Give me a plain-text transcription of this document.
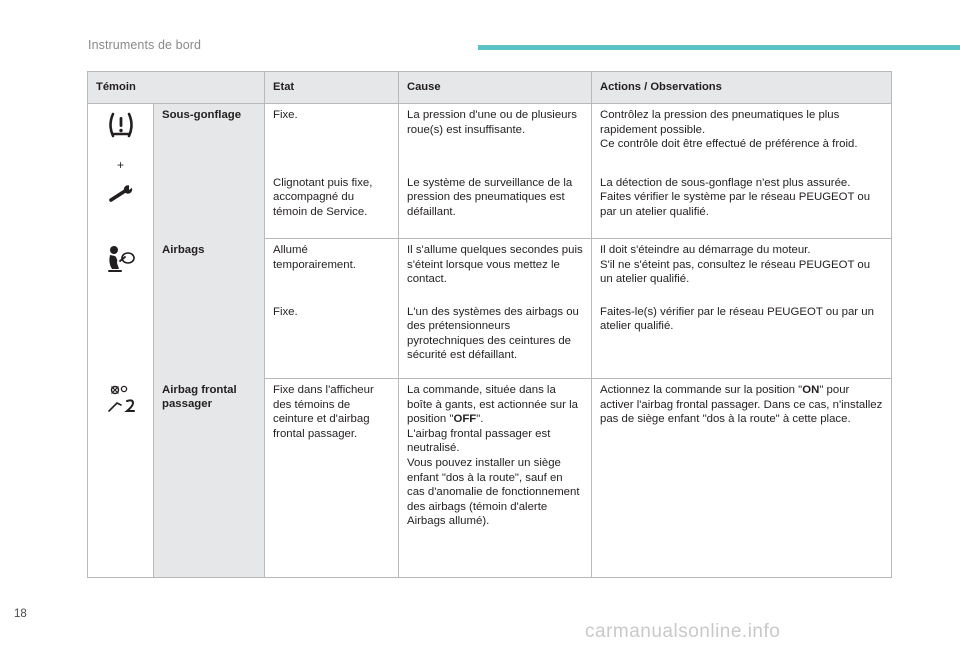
Instruments de bord
Témoin		Etat	Cause	Actions / Observations

+	Sous-gonflage	Fixe.	La pression d'une ou de plusieurs roue(s) est insuffisante.	Contrôlez la pression des pneumatiques le plus rapidement possible.
Ce contrôle doit être effectué de préférence à froid.

		Clignotant puis fixe, accompagné du témoin de Service.	Le système de surveillance de la pression des pneumatiques est défaillant.	La détection de sous-gonflage n'est plus assurée.
Faites vérifier le système par le réseau PEUGEOT ou par un atelier qualifié.

	Airbags	Allumé temporairement.	Il s'allume quelques secondes puis s'éteint lorsque vous mettez le contact.	Il doit s'éteindre au démarrage du moteur.
S'il ne s'éteint pas, consultez le réseau PEUGEOT ou un atelier qualifié.

		Fixe.	L'un des systèmes des airbags ou des prétensionneurs pyrotechniques des ceintures de sécurité est défaillant.	Faites-le(s) vérifier par le réseau PEUGEOT ou par un atelier qualifié.

	Airbag frontal passager	Fixe dans l'afficheur des témoins de ceinture et d'airbag frontal passager.	La commande, située dans la boîte à gants, est actionnée sur la position "OFF".
L'airbag frontal passager est neutralisé.
Vous pouvez installer un siège enfant "dos à la route", sauf en cas d'anomalie de fonctionnement des airbags (témoin d'alerte Airbags allumé).	Actionnez la commande sur la position "ON" pour activer l'airbag frontal passager. Dans ce cas, n'installez pas de siège enfant "dos à la route" à cette place.
18
carmanualsonline.info
